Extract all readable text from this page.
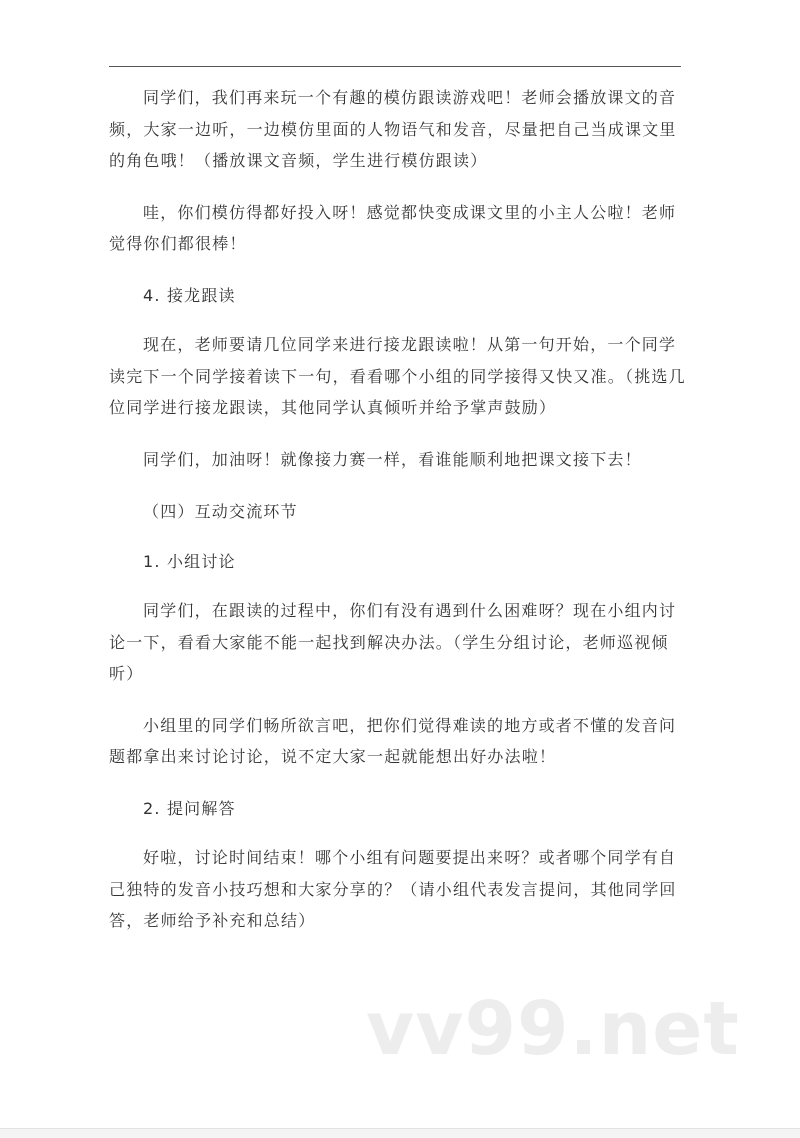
同学们，我们再来玩一个有趣的模仿跟读游戏吧！老师会播放课文的音频，大家一边听，一边模仿里面的人物语气和发音，尽量把自己当成课文里的角色哦！（播放课文音频，学生进行模仿跟读）

哇，你们模仿得都好投入呀！感觉都快变成课文里的小主人公啦！老师觉得你们都很棒！

4. 接龙跟读

现在，老师要请几位同学来进行接龙跟读啦！从第一句开始，一个同学读完下一个同学接着读下一句，看看哪个小组的同学接得又快又准。（挑选几位同学进行接龙跟读，其他同学认真倾听并给予掌声鼓励）

同学们，加油呀！就像接力赛一样，看谁能顺利地把课文接下去！

（四）互动交流环节

1. 小组讨论

同学们，在跟读的过程中，你们有没有遇到什么困难呀？现在小组内讨论一下，看看大家能不能一起找到解决办法。（学生分组讨论，老师巡视倾听）

小组里的同学们畅所欲言吧，把你们觉得难读的地方或者不懂的发音问题都拿出来讨论讨论，说不定大家一起就能想出好办法啦！

2. 提问解答

好啦，讨论时间结束！哪个小组有问题要提出来呀？或者哪个同学有自己独特的发音小技巧想和大家分享的？（请小组代表发言提问，其他同学回答，老师给予补充和总结）

vv99.net
